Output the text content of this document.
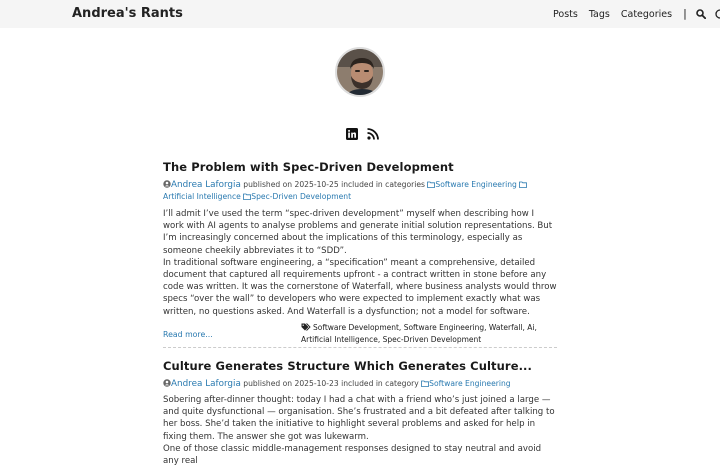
Andrea's Rants	Posts Tags Categories |
The Problem with Spec-Driven Development
Andrea Laforgia published on 2025-10-25 included in categories Software Engineering Artificial Intelligence Spec-Driven Development

I’ll admit I’ve used the term “spec-driven development” myself when describing how I work with AI agents to analyse problems and generate initial solution representations. But I’m increasingly concerned about the implications of this terminology, especially as someone cheekily abbreviates it to “SDD”.

In traditional software engineering, a “specification” meant a comprehensive, detailed document that captured all requirements upfront - a contract written in stone before any code was written. It was the cornerstone of Waterfall, where business analysts would throw specs “over the wall” to developers who were expected to implement exactly what was written, no questions asked. And Waterfall is a dysfunction; not a model for software.

Read more...
Software Development, Software Engineering, Waterfall, Ai, Artificial Intelligence, Spec-Driven Development
Culture Generates Structure Which Generates Culture...
Andrea Laforgia published on 2025-10-23 included in category Software Engineering

Sobering after-dinner thought: today I had a chat with a friend who’s just joined a large — and quite dysfunctional — organisation. She’s frustrated and a bit defeated after talking to her boss. She’d taken the initiative to highlight several problems and asked for help in fixing them. The answer she got was lukewarm.

One of those classic middle-management responses designed to stay neutral and avoid any real
